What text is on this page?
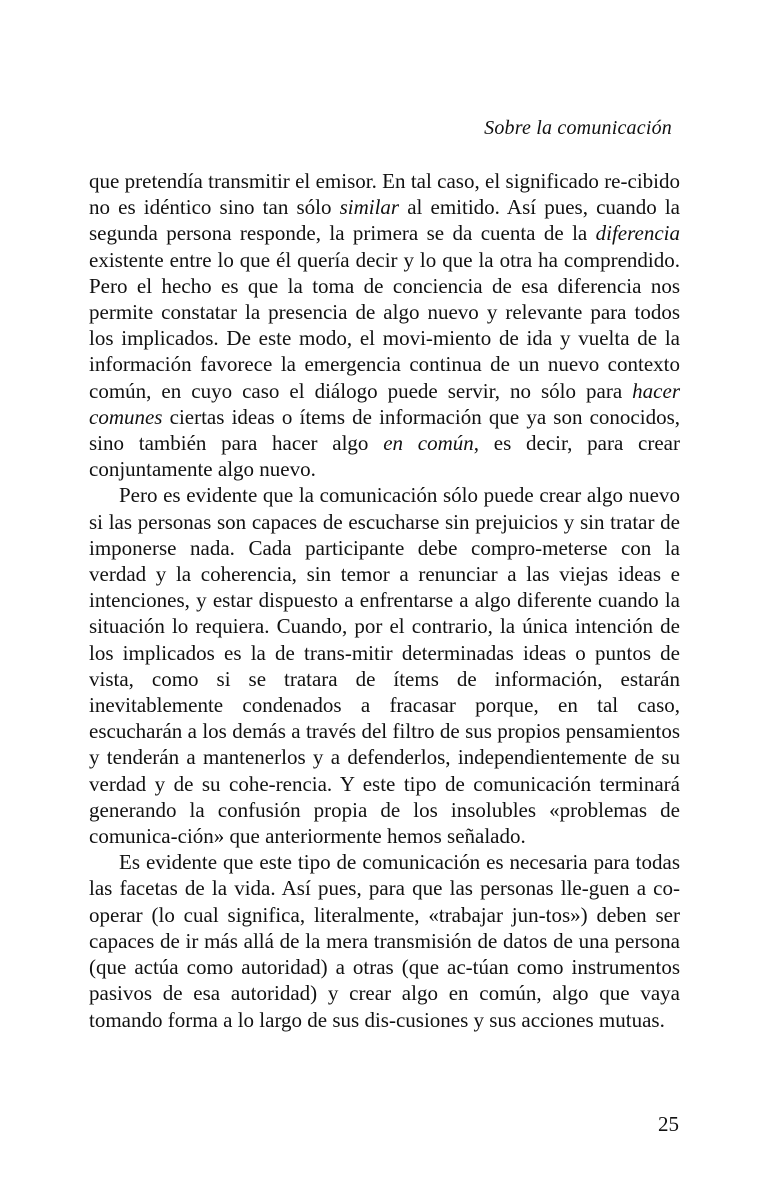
Sobre la comunicación

que pretendía transmitir el emisor. En tal caso, el significado re-cibido no es idéntico sino tan sólo similar al emitido. Así pues, cuando la segunda persona responde, la primera se da cuenta de la diferencia existente entre lo que él quería decir y lo que la otra ha comprendido. Pero el hecho es que la toma de conciencia de esa diferencia nos permite constatar la presencia de algo nuevo y relevante para todos los implicados. De este modo, el movi-miento de ida y vuelta de la información favorece la emergencia continua de un nuevo contexto común, en cuyo caso el diálogo puede servir, no sólo para hacer comunes ciertas ideas o ítems de información que ya son conocidos, sino también para hacer algo en común, es decir, para crear conjuntamente algo nuevo.

Pero es evidente que la comunicación sólo puede crear algo nuevo si las personas son capaces de escucharse sin prejuicios y sin tratar de imponerse nada. Cada participante debe compro-meterse con la verdad y la coherencia, sin temor a renunciar a las viejas ideas e intenciones, y estar dispuesto a enfrentarse a algo diferente cuando la situación lo requiera. Cuando, por el contrario, la única intención de los implicados es la de trans-mitir determinadas ideas o puntos de vista, como si se tratara de ítems de información, estarán inevitablemente condenados a fracasar porque, en tal caso, escucharán a los demás a través del filtro de sus propios pensamientos y tenderán a mantenerlos y a defenderlos, independientemente de su verdad y de su cohe-rencia. Y este tipo de comunicación terminará generando la confusión propia de los insolubles «problemas de comunica-ción» que anteriormente hemos señalado.

Es evidente que este tipo de comunicación es necesaria para todas las facetas de la vida. Así pues, para que las personas lle-guen a co-operar (lo cual significa, literalmente, «trabajar jun-tos») deben ser capaces de ir más allá de la mera transmisión de datos de una persona (que actúa como autoridad) a otras (que ac-túan como instrumentos pasivos de esa autoridad) y crear algo en común, algo que vaya tomando forma a lo largo de sus dis-cusiones y sus acciones mutuas.

25
